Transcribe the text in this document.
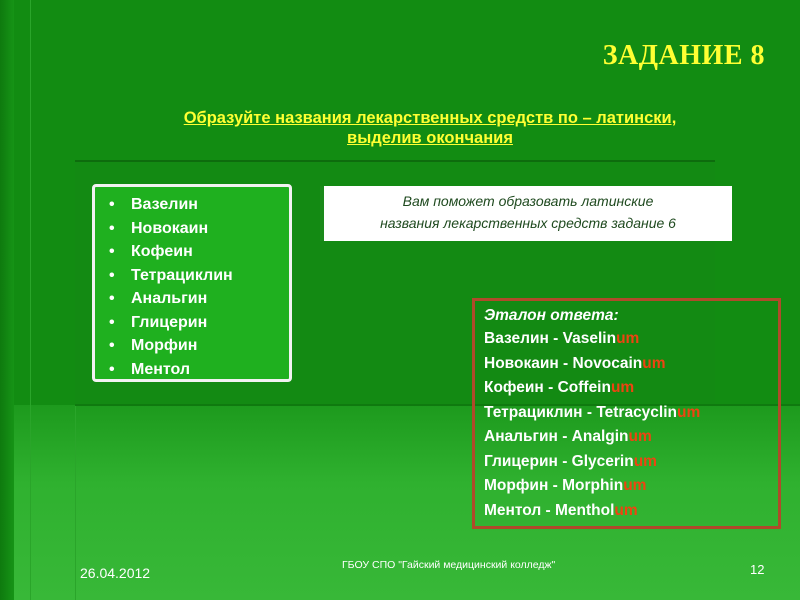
ЗАДАНИЕ 8
Образуйте названия лекарственных средств по – латински,
выделив окончания
• Вазелин
• Новокаин
• Кофеин
• Тетрациклин
• Анальгин
• Глицерин
• Морфин
• Ментол
Вам поможет образовать латинские
названия лекарственных средств задание 6
Эталон ответа:
Вазелин - Vaselinum
Новокаин - Novocainum
Кофеин - Coffeinum
Тетрациклин - Tetracyclinum
Анальгин - Analginum
Глицерин - Glycerinum
Морфин - Morphinum
Ментол - Mentholum
26.04.2012	ГБОУ СПО "Гайский медицинский колледж"	12
